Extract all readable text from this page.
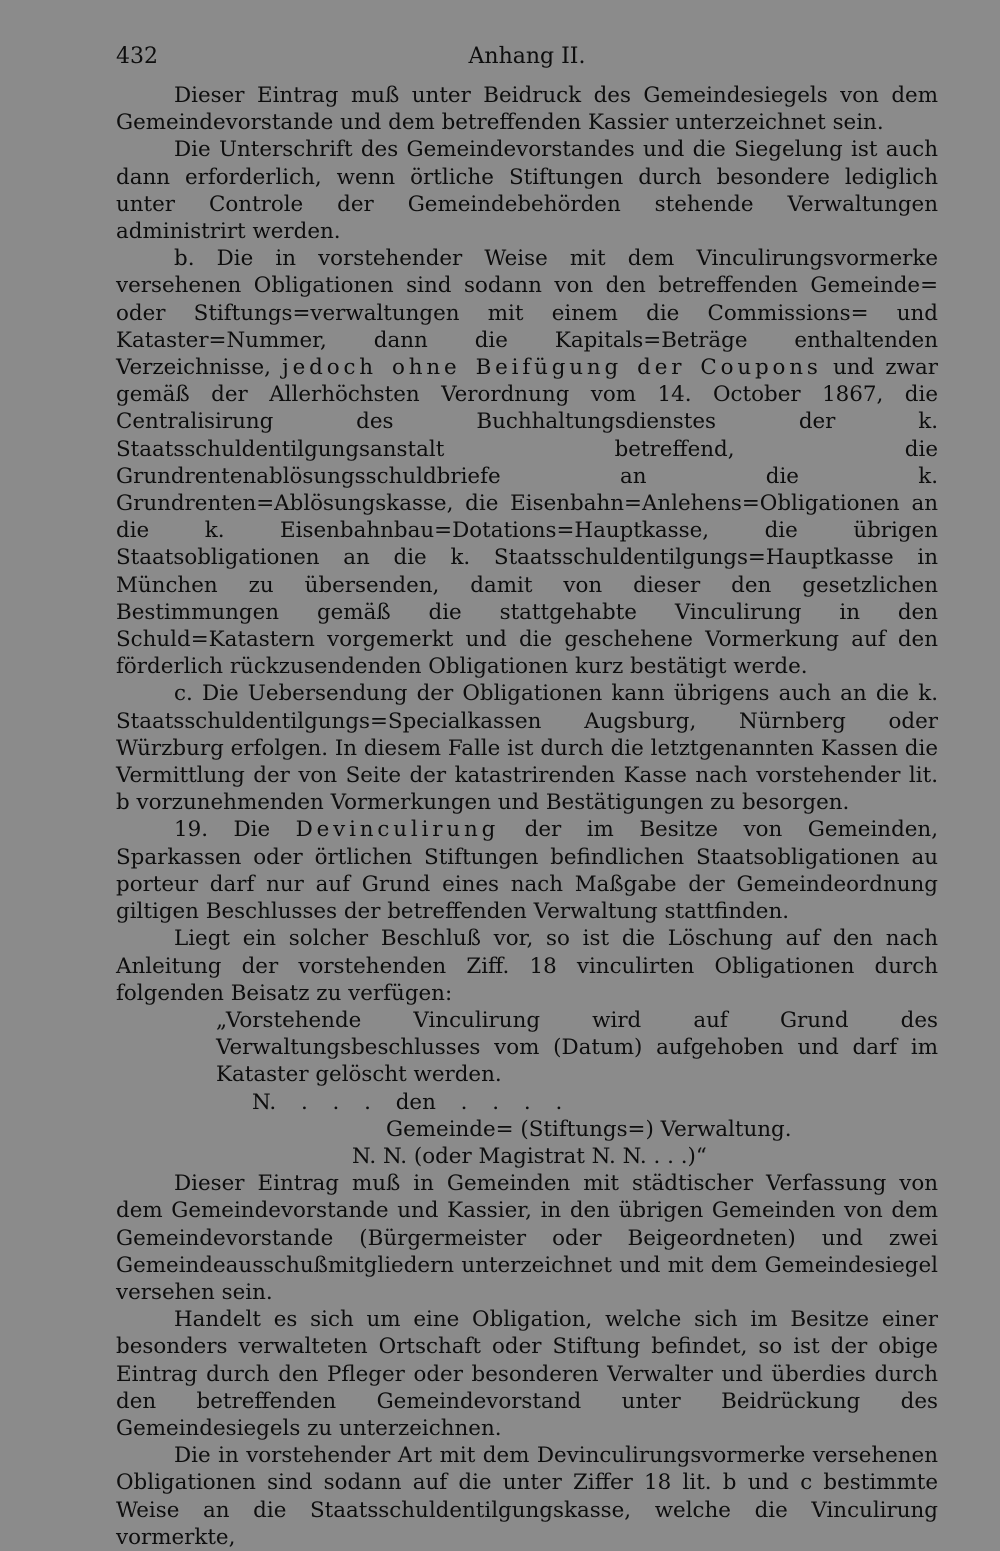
432	Anhang II.

Dieser Eintrag muß unter Beidruck des Gemeindesiegels von dem Gemeindevorstande und dem betreffenden Kassier unterzeichnet sein.

Die Unterschrift des Gemeindevorstandes und die Siegelung ist auch dann erforderlich, wenn örtliche Stiftungen durch besondere lediglich unter Controle der Gemeindebehörden stehende Verwaltungen administrirt werden.

b. Die in vorstehender Weise mit dem Vinculirungsvormerke versehenen Obligationen sind sodann von den betreffenden Gemeinde= oder Stiftungs=verwaltungen mit einem die Commissions= und Kataster=Nummer, dann die Kapitals=Beträge enthaltenden Verzeichnisse, jedoch ohne Beifügung der Coupons und zwar gemäß der Allerhöchsten Verordnung vom 14. October 1867, die Centralisirung des Buchhaltungsdienstes der k. Staatsschuldentilgungsanstalt betreffend, die Grundrentenablösungsschuldbriefe an die k. Grundrenten=Ablösungskasse, die Eisenbahn=Anlehens=Obligationen an die k. Eisenbahnbau=Dotations=Hauptkasse, die übrigen Staatsobligationen an die k. Staatsschuldentilgungs=Hauptkasse in München zu übersenden, damit von dieser den gesetzlichen Bestimmungen gemäß die stattgehabte Vinculirung in den Schuld=Katastern vorgemerkt und die geschehene Vormerkung auf den förderlich rückzusendenden Obligationen kurz bestätigt werde.

c. Die Uebersendung der Obligationen kann übrigens auch an die k. Staatsschuldentilgungs=Specialkassen Augsburg, Nürnberg oder Würzburg erfolgen. In diesem Falle ist durch die letztgenannten Kassen die Vermittlung der von Seite der katastrirenden Kasse nach vorstehender lit. b vorzunehmenden Vormerkungen und Bestätigungen zu besorgen.

19. Die Devinculirung der im Besitze von Gemeinden, Sparkassen oder örtlichen Stiftungen befindlichen Staatsobligationen au porteur darf nur auf Grund eines nach Maßgabe der Gemeindeordnung giltigen Beschlusses der betreffenden Verwaltung stattfinden.

Liegt ein solcher Beschluß vor, so ist die Löschung auf den nach Anleitung der vorstehenden Ziff. 18 vinculirten Obligationen durch folgenden Beisatz zu verfügen:

„Vorstehende Vinculirung wird auf Grund des Verwaltungsbeschlusses vom (Datum) aufgehoben und darf im Kataster gelöscht werden.

N. . . . den . . . .
Gemeinde= (Stiftungs=) Verwaltung.
N. N. (oder Magistrat N. N. . . .)“

Dieser Eintrag muß in Gemeinden mit städtischer Verfassung von dem Gemeindevorstande und Kassier, in den übrigen Gemeinden von dem Gemeindevorstande (Bürgermeister oder Beigeordneten) und zwei Gemeindeausschußmitgliedern unterzeichnet und mit dem Gemeindesiegel versehen sein.

Handelt es sich um eine Obligation, welche sich im Besitze einer besonders verwalteten Ortschaft oder Stiftung befindet, so ist der obige Eintrag durch den Pfleger oder besonderen Verwalter und überdies durch den betreffenden Gemeindevorstand unter Beidrückung des Gemeindesiegels zu unterzeichnen.

Die in vorstehender Art mit dem Devinculirungsvormerke versehenen Obligationen sind sodann auf die unter Ziffer 18 lit. b und c bestimmte Weise an die Staatsschuldentilgungskasse, welche die Vinculirung vormerkte,
